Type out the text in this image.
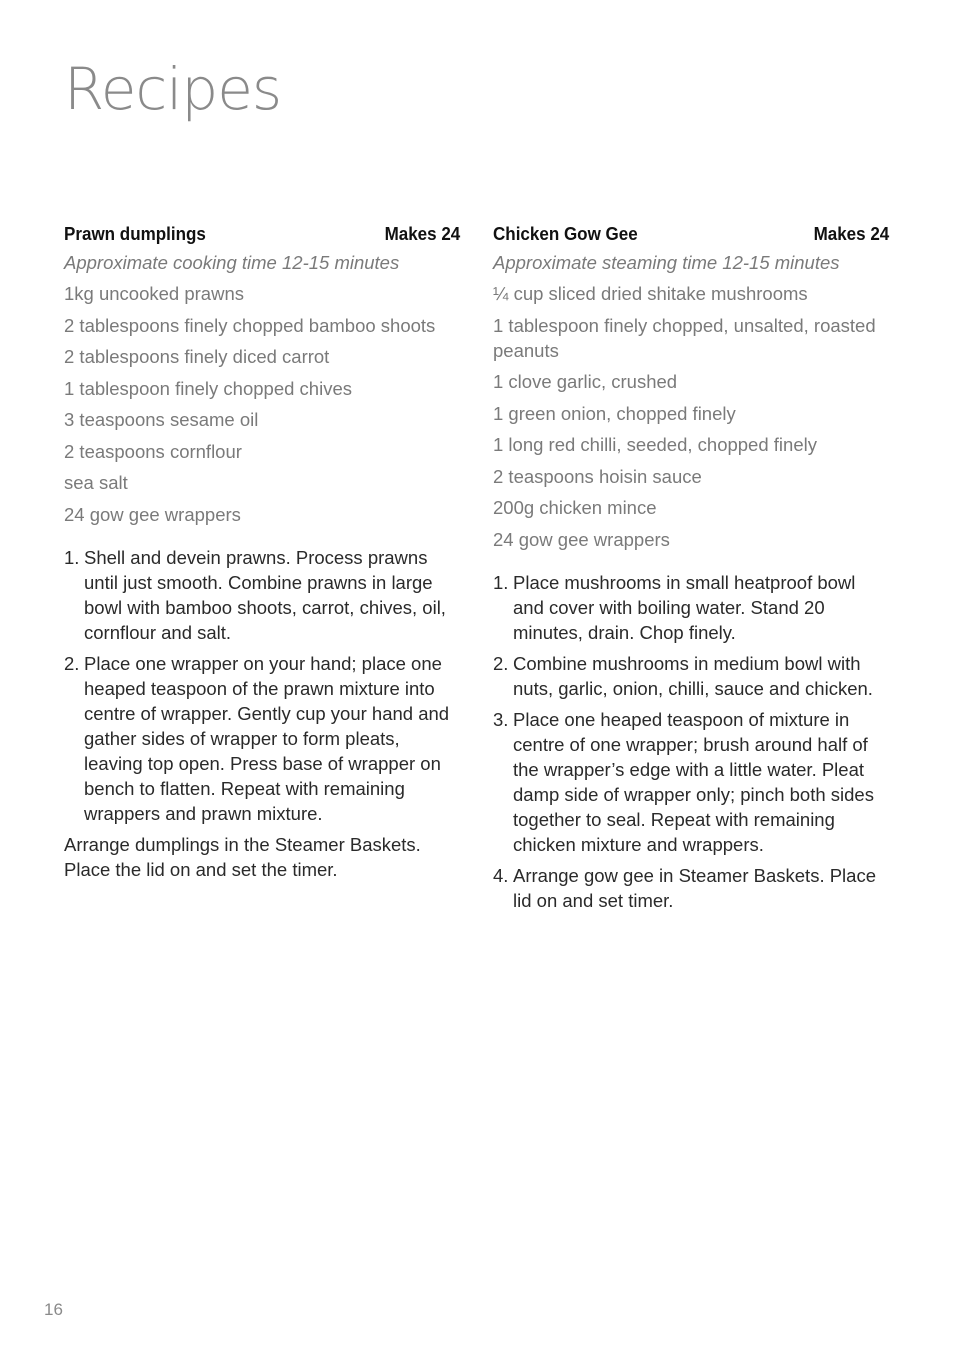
Recipes
Prawn dumplings	Makes 24
Approximate cooking time 12-15 minutes
1kg uncooked prawns
2 tablespoons finely chopped bamboo shoots
2 tablespoons finely diced carrot
1 tablespoon finely chopped chives
3 teaspoons sesame oil
2 teaspoons cornflour
sea salt
24 gow gee wrappers
1. Shell and devein prawns. Process prawns until just smooth. Combine prawns in large bowl with bamboo shoots, carrot, chives, oil, cornflour and salt.
2. Place one wrapper on your hand; place one heaped teaspoon of the prawn mixture into centre of wrapper. Gently cup your hand and gather sides of wrapper to form pleats, leaving top open. Press base of wrapper on bench to flatten. Repeat with remaining wrappers and prawn mixture.

Arrange dumplings in the Steamer Baskets. Place the lid on and set the timer.

Chicken Gow Gee	Makes 24
Approximate steaming time 12-15 minutes
¼ cup sliced dried shitake mushrooms
1 tablespoon finely chopped, unsalted, roasted peanuts
1 clove garlic, crushed
1 green onion, chopped finely
1 long red chilli, seeded, chopped finely
2 teaspoons hoisin sauce
200g chicken mince
24 gow gee wrappers
1. Place mushrooms in small heatproof bowl and cover with boiling water. Stand 20 minutes, drain. Chop finely.
2. Combine mushrooms in medium bowl with nuts, garlic, onion, chilli, sauce and chicken.
3. Place one heaped teaspoon of mixture in centre of one wrapper; brush around half of the wrapper’s edge with a little water. Pleat damp side of wrapper only; pinch both sides together to seal. Repeat with remaining chicken mixture and wrappers.
4. Arrange gow gee in Steamer Baskets. Place lid on and set timer.
16
